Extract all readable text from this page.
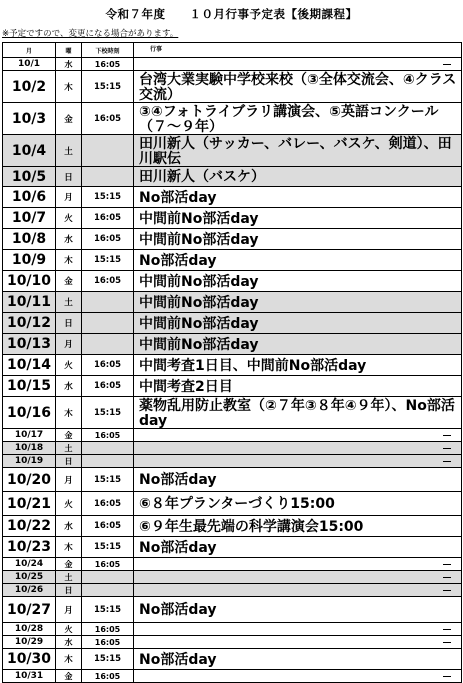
令和７年度　　１０月行事予定表【後期課程】
※予定ですので、変更になる場合があります。
月	曜	下校時刻	行事
10/1	水	16:05	

10/2	木	15:15	台湾大業実験中学校来校（③全体交流会、④クラス交流）
10/3	金	16:05	③④フォトライブラリ講演会、⑤英語コンクール（７～９年）
10/4	土		田川新人（サッカー、バレー、バスケ、剣道）、田川駅伝
10/5	日		田川新人（バスケ）
10/6	月	15:15	No部活day
10/7	火	16:05	中間前No部活day
10/8	水	16:05	中間前No部活day
10/9	木	15:15	No部活day
10/10	金	16:05	中間前No部活day
10/11	土		中間前No部活day
10/12	日		中間前No部活day
10/13	月		中間前No部活day
10/14	火	16:05	中間考査1日目、中間前No部活day
10/15	水	16:05	中間考査2日目
10/16	木	15:15	薬物乱用防止教室（②７年③８年④９年）、No部活day
10/17	金	16:05	

10/18	土		

10/19	日		

10/20	月	15:15	No部活day
10/21	火	16:05	⑥８年プランターづくり15:00
10/22	水	16:05	⑥９年生最先端の科学講演会15:00
10/23	木	15:15	No部活day
10/24	金	16:05	

10/25	土		

10/26	日		

10/27	月	15:15	No部活day
10/28	火	16:05	

10/29	水	16:05	

10/30	木	15:15	No部活day
10/31	金	16:05	
